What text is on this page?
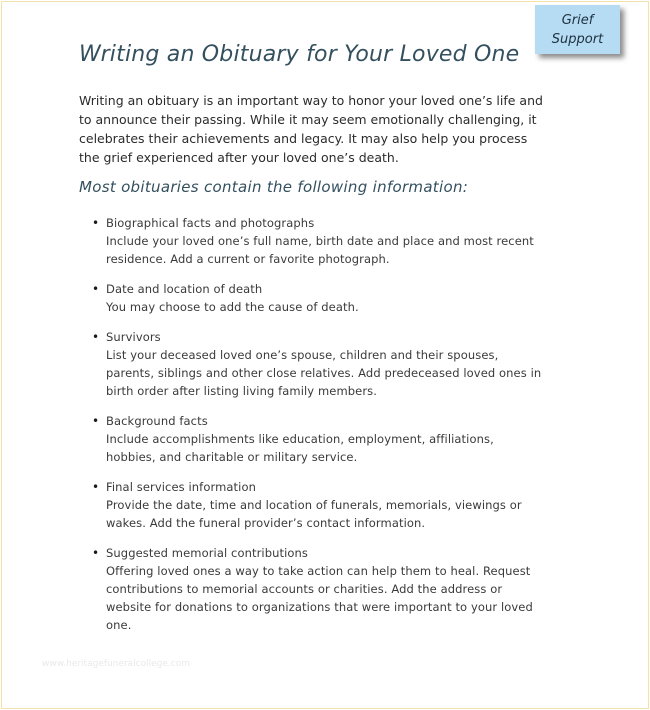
Grief
Support
Writing an Obituary for Your Loved One

Writing an obituary is an important way to honor your loved one’s life and to announce their passing. While it may seem emotionally challenging, it celebrates their achievements and legacy. It may also help you process the grief experienced after your loved one’s death.

Most obituaries contain the following information:
• Biographical facts and photographs
Include your loved one’s full name, birth date and place and most recent residence. Add a current or favorite photograph.
• Date and location of death
You may choose to add the cause of death.
• Survivors
List your deceased loved one’s spouse, children and their spouses, parents, siblings and other close relatives. Add predeceased loved ones in birth order after listing living family members.
• Background facts
Include accomplishments like education, employment, affiliations, hobbies, and charitable or military service.
• Final services information
Provide the date, time and location of funerals, memorials, viewings or wakes. Add the funeral provider’s contact information.
• Suggested memorial contributions
Offering loved ones a way to take action can help them to heal. Request contributions to memorial accounts or charities. Add the address or website for donations to organizations that were important to your loved one.
www.heritagefuneralcollege.com
